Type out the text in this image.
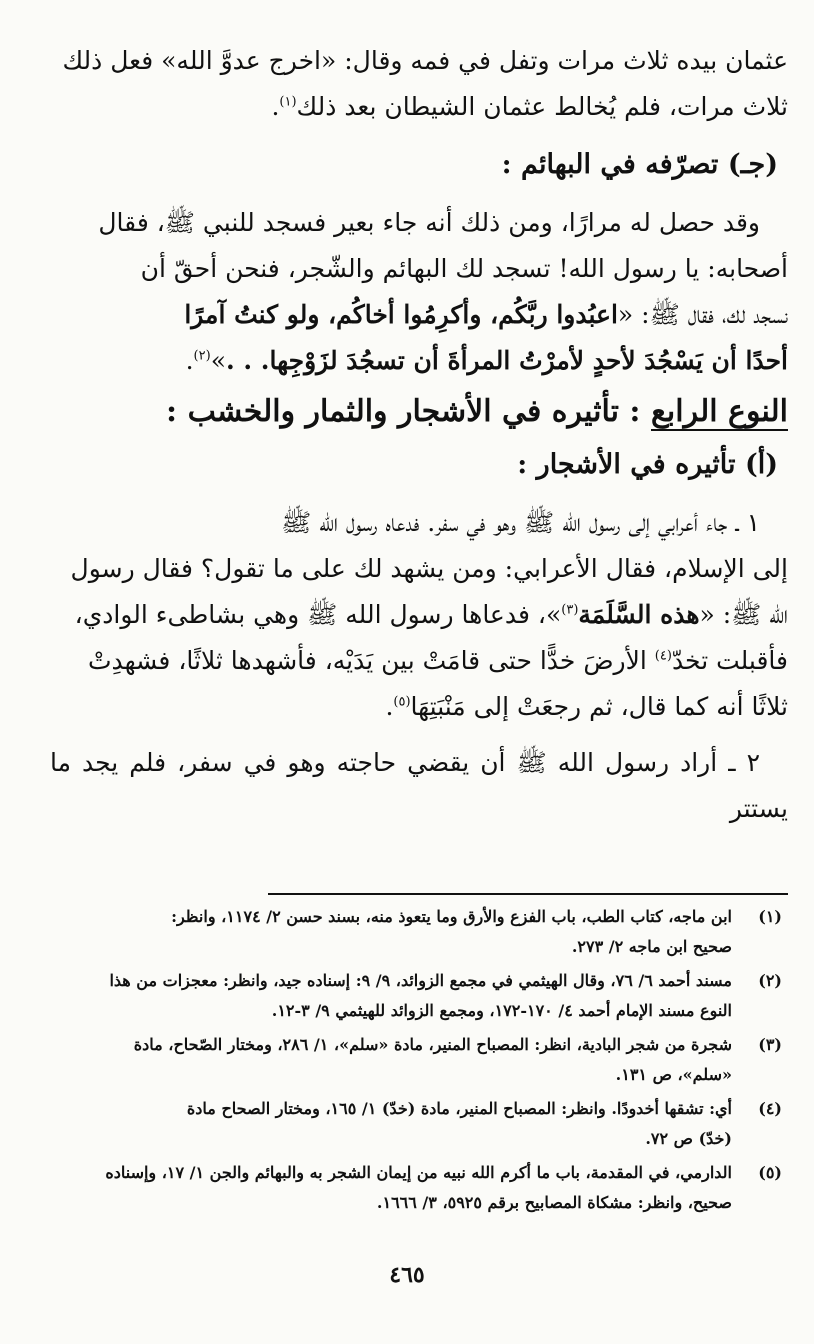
عثمان بيده ثلاث مرات وتفل في فمه وقال: «اخرج عدوَّ الله» فعل ذلك

ثلاث مرات، فلم يُخالط عثمان الشيطان بعد ذلك$^{(١)}$.

(جـ) تصرّفه في البهائم :

وقد حصل له مرارًا، ومن ذلك أنه جاء بعير فسجد للنبي ﷺ، فقال

أصحابه: يا رسول الله! تسجد لك البهائم والشّجر، فنحن أحقّ أن

نسجد لك، فقال ﷺ: «اعبُدوا ربَّكُم، وأكرِمُوا أخاكُم، ولو كنتُ آمرًا

أحدًا أن يَسْجُدَ لأحدٍ لأمرْتُ المرأةَ أن تسجُدَ لزَوْجِها. . .»$^{(٢)}$.

النوع الرابع : تأثيره في الأشجار والثمار والخشب :

(أ) تأثيره في الأشجار :

١ ـ جاء أعرابي إلى رسول الله ﷺ وهو في سفر. فدعاه رسول الله ﷺ

إلى الإسلام، فقال الأعرابي: ومن يشهد لك على ما تقول؟ فقال رسول

الله ﷺ: «هذه السَّلَمَة$^{(٣)}$»، فدعاها رسول الله ﷺ وهي بشاطىء الوادي،

فأقبلت تخدّ$^{(٤)}$ الأرضَ خدًّا حتى قامَتْ بين يَدَيْه، فأشهدها ثلاثًا، فشهدِتْ

ثلاثًا أنه كما قال، ثم رجعَتْ إلى مَنْبَتِهَا$^{(٥)}$.

٢ ـ أراد رسول الله ﷺ أن يقضي حاجته وهو في سفر، فلم يجد ما يستتر

(١)

ابن ماجه، كتاب الطب، باب الفزع والأرق وما يتعوذ منه، بسند حسن ٢/ ١١٧٤، وانظر:

صحيح ابن ماجه ٢/ ٢٧٣.

(٢)

مسند أحمد ٦/ ٧٦، وقال الهيثمي في مجمع الزوائد، ٩/ ٩: إسناده جيد، وانظر: معجزات من هذا

النوع مسند الإمام أحمد ٤/ ١٧٠-١٧٢، ومجمع الزوائد للهيثمي ٩/ ٣-١٢.

(٣)

شجرة من شجر البادية، انظر: المصباح المنير، مادة «سلم»، ١/ ٢٨٦، ومختار الصّحاح، مادة

«سلم»، ص ١٣١.

(٤)

أي: تشقها أخدودًا. وانظر: المصباح المنير، مادة (خدّ) ١/ ١٦٥، ومختار الصحاح مادة

(خدّ) ص ٧٢.

(٥)

الدارمي، في المقدمة، باب ما أكرم الله نبيه من إيمان الشجر به والبهائم والجن ١/ ١٧، وإسناده

صحيح، وانظر: مشكاة المصابيح برقم ٥٩٢٥، ٣/ ١٦٦٦.

٤٦٥
